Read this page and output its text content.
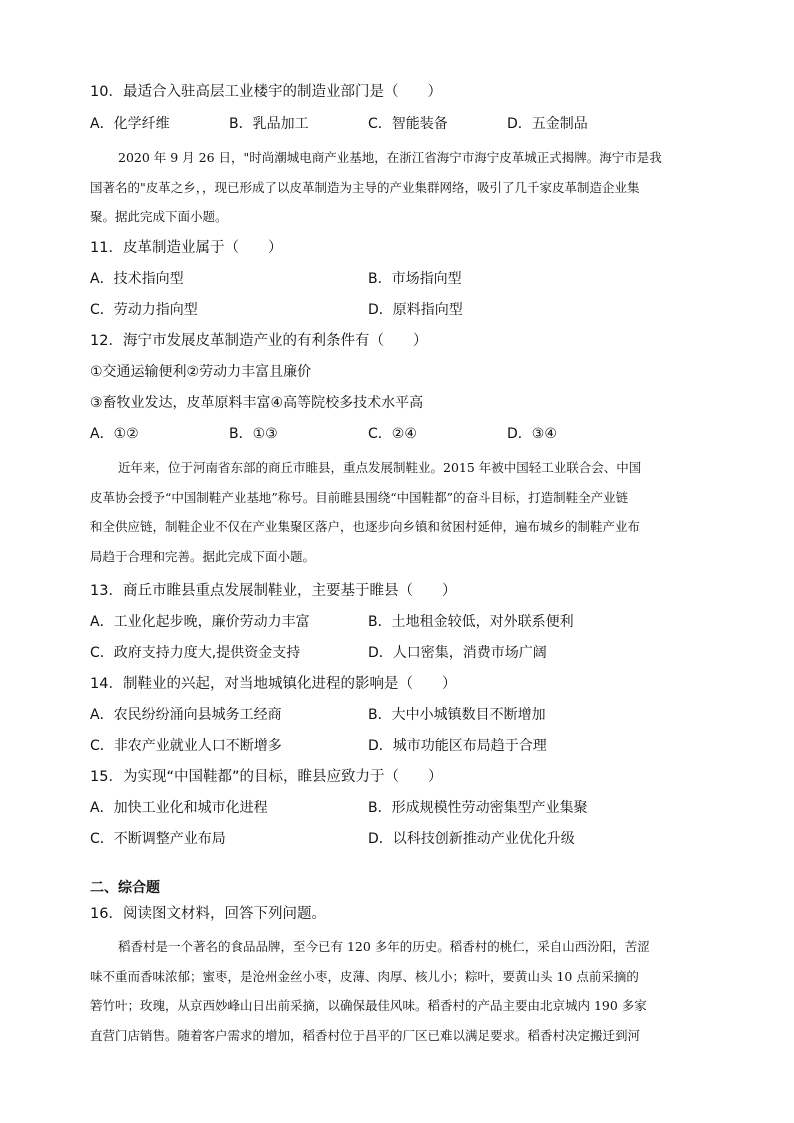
10．最适合入驻高层工业楼宇的制造业部门是（　　）
A．化学纤维	B．乳品加工	C．智能装备	D．五金制品
2020 年 9 月 26 日，"时尚潮城电商产业基地，在浙江省海宁市海宁皮革城正式揭牌。海宁市是我
国著名的"皮革之乡，，现已形成了以皮革制造为主导的产业集群网络，吸引了几千家皮革制造企业集
聚。据此完成下面小题。
11．皮革制造业属于（　　）
A．技术指向型	B．市场指向型
C．劳动力指向型	D．原料指向型
12．海宁市发展皮革制造产业的有利条件有（　　）
①交通运输便利②劳动力丰富且廉价
③畜牧业发达，皮革原料丰富④高等院校多技术水平高
A．①②	B．①③	C．②④	D．③④
近年来，位于河南省东部的商丘市睢县，重点发展制鞋业。2015 年被中国轻工业联合会、中国
皮革协会授予“中国制鞋产业基地”称号。目前睢县围绕“中国鞋都”的奋斗目标，打造制鞋全产业链
和全供应链，制鞋企业不仅在产业集聚区落户，也逐步向乡镇和贫困村延伸，遍布城乡的制鞋产业布
局趋于合理和完善。据此完成下面小题。
13．商丘市睢县重点发展制鞋业，主要基于睢县（　　）
A．工业化起步晚，廉价劳动力丰富	B．土地租金较低，对外联系便利
C．政府支持力度大,提供资金支持	D．人口密集，消费市场广阔
14．制鞋业的兴起，对当地城镇化进程的影响是（　　）
A．农民纷纷涌向县城务工经商	B．大中小城镇数目不断增加
C．非农产业就业人口不断增多	D．城市功能区布局趋于合理
15．为实现“中国鞋都”的目标，睢县应致力于（　　）
A．加快工业化和城市化进程	B．形成规模性劳动密集型产业集聚
C．不断调整产业布局	D．以科技创新推动产业优化升级
二、综合题
16．阅读图文材料，回答下列问题。
稻香村是一个著名的食品品牌，至今已有 120 多年的历史。稻香村的桃仁，采自山西汾阳，苦涩
味不重而香味浓郁；蜜枣，是沧州金丝小枣，皮薄、肉厚、核儿小；粽叶，要黄山头 10 点前采摘的
箬竹叶；玫瑰，从京西妙峰山日出前采摘，以确保最佳风味。稻香村的产品主要由北京城内 190 多家
直营门店销售。随着客户需求的增加，稻香村位于昌平的厂区已难以满足要求。稻香村决定搬迁到河
